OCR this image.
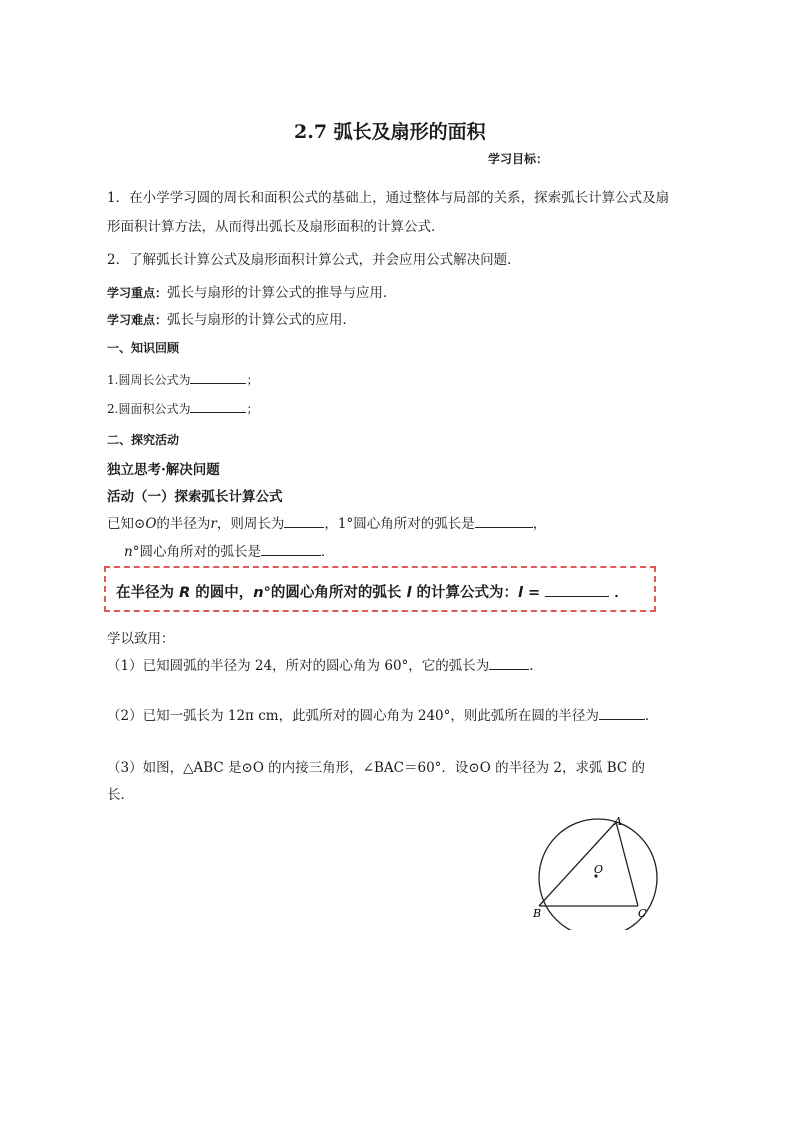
2.7 弧长及扇形的面积
学习目标：
1．在小学学习圆的周长和面积公式的基础上，通过整体与局部的关系，探索弧长计算公式及扇
形面积计算方法，从而得出弧长及扇形面积的计算公式．
2．了解弧长计算公式及扇形面积计算公式，并会应用公式解决问题．
学习重点：弧长与扇形的计算公式的推导与应用．
学习难点：弧长与扇形的计算公式的应用．
一、知识回顾
1.圆周长公式为	；
2.圆面积公式为	；
二、探究活动
独立思考·解决问题
活动（一）探索弧长计算公式
已知⊙O的半径为r，则周长为	，1°圆心角所对的弧长是	，
n°圆心角所对的弧长是	．
在半径为 R 的圆中，n°的圆心角所对的弧长 l 的计算公式为：l =	．
学以致用：
（1）已知圆弧的半径为 24，所对的圆心角为 60°，它的弧长为	.
（2）已知一弧长为 12π cm，此弧所对的圆心角为 240°，则此弧所在圆的半径为	．
（3）如图，△ABC 是⊙O 的内接三角形，∠BAC＝60°．设⊙O 的半径为 2，求弧 BC 的
长．
A
O
B	C
